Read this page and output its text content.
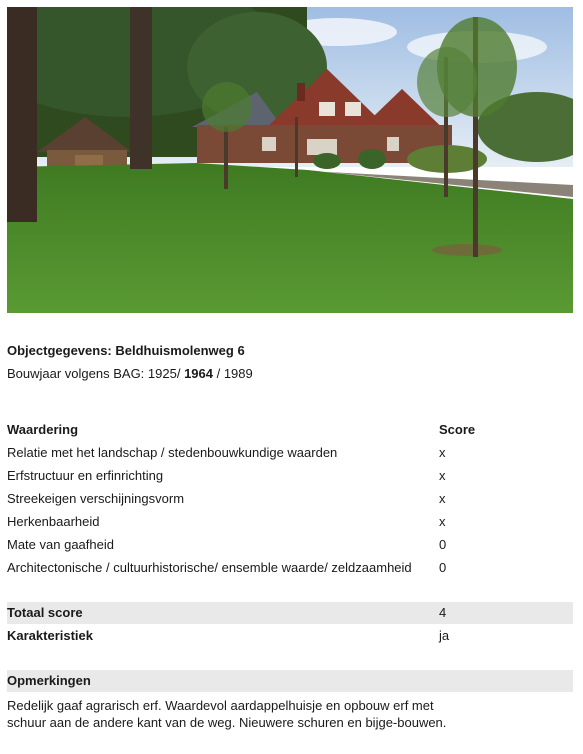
Objectgegevens: Beldhuismolenweg 6
Bouwjaar volgens BAG: 1925/ 1964 / 1989
Waardering	Score
Relatie met het landschap / stedenbouwkundige waarden	x
Erfstructuur en erfinrichting	x
Streekeigen verschijningsvorm	x
Herkenbaarheid	x
Mate van gaafheid	0
Architectonische / cultuurhistorische/ ensemble waarde/ zeldzaamheid 0
Totaal score	4
Karakteristiek	ja
Opmerkingen
Redelijk gaaf agrarisch erf. Waardevol aardappelhuisje en opbouw erf met schuur aan de andere kant van de weg. Nieuwere schuren en bijge-bouwen.
